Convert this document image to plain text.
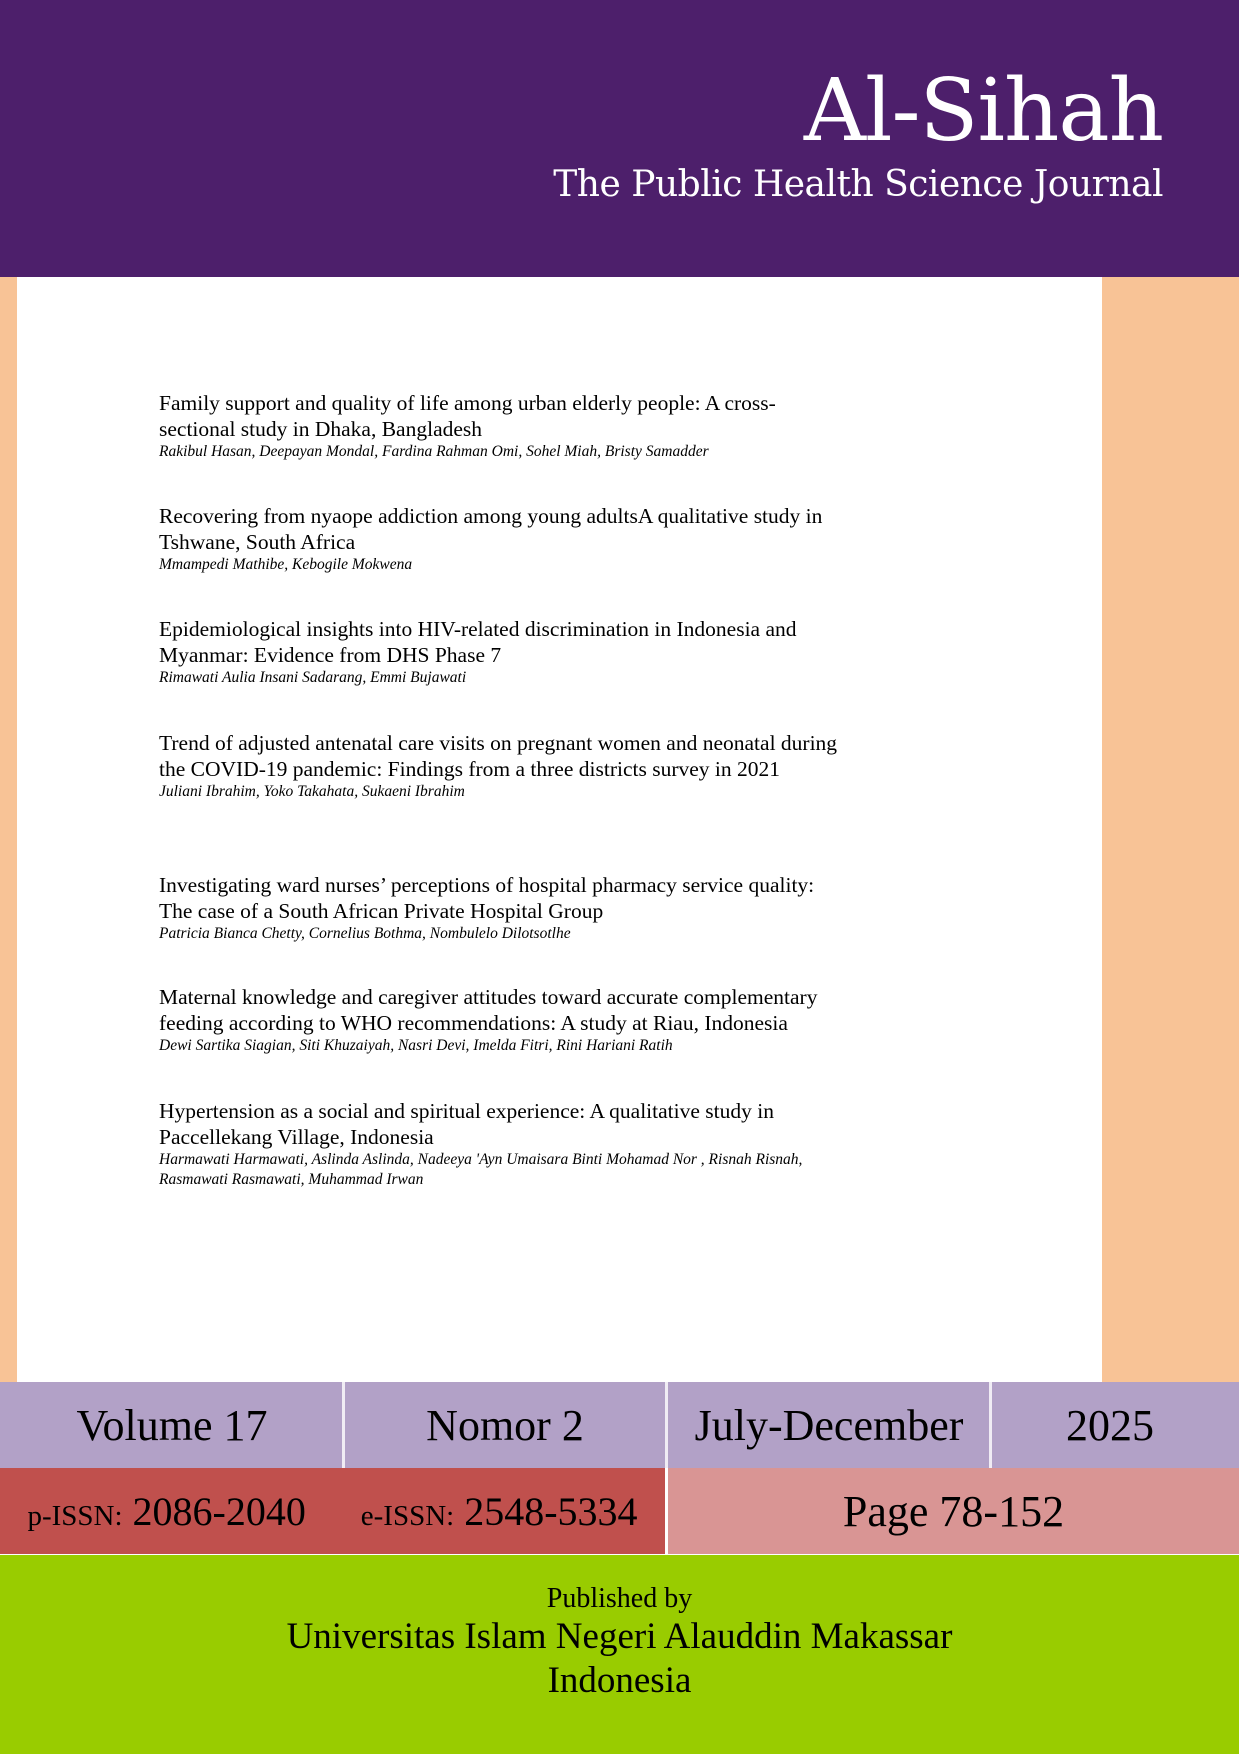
Al-Sihah
The Public Health Science Journal
Family support and quality of life among urban elderly people: A cross-sectional study in Dhaka, Bangladesh
Rakibul Hasan, Deepayan Mondal, Fardina Rahman Omi, Sohel Miah, Bristy Samadder
Recovering from nyaope addiction among young adultsA qualitative study in Tshwane, South Africa
Mmampedi Mathibe, Kebogile Mokwena
Epidemiological insights into HIV-related discrimination in Indonesia and Myanmar: Evidence from DHS Phase 7
Rimawati Aulia Insani Sadarang, Emmi Bujawati
Trend of adjusted antenatal care visits on pregnant women and neonatal during the COVID-19 pandemic: Findings from a three districts survey in 2021
Juliani Ibrahim, Yoko Takahata, Sukaeni Ibrahim
Investigating ward nurses’ perceptions of hospital pharmacy service quality: The case of a South African Private Hospital Group
Patricia Bianca Chetty, Cornelius Bothma, Nombulelo Dilotsotlhe
Maternal knowledge and caregiver attitudes toward accurate complementary feeding according to WHO recommendations: A study at Riau, Indonesia
Dewi Sartika Siagian, Siti Khuzaiyah, Nasri Devi, Imelda Fitri, Rini Hariani Ratih
Hypertension as a social and spiritual experience: A qualitative study in Paccellekang Village, Indonesia
Harmawati Harmawati, Aslinda Aslinda, Nadeeya 'Ayn Umaisara Binti Mohamad Nor , Risnah Risnah, Rasmawati Rasmawati, Muhammad Irwan
Volume 17	Nomor 2	July-December	2025
p-ISSN: 2086-2040 e-ISSN: 2548-5334	Page 78-152
Published by
Universitas Islam Negeri Alauddin Makassar
Indonesia
